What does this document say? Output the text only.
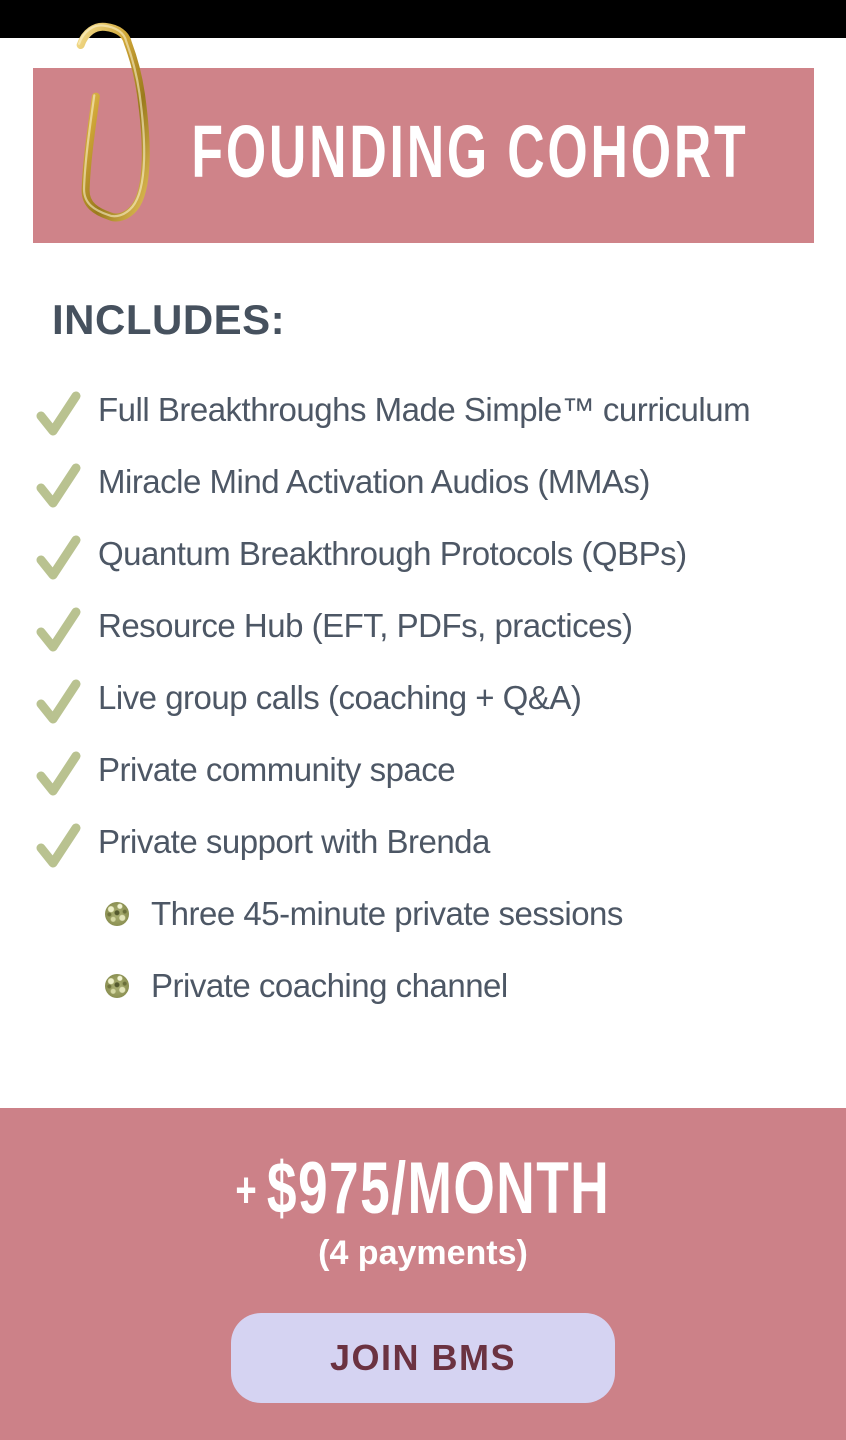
FOUNDING COHORT
INCLUDES:
Full Breakthroughs Made Simple™ curriculum
Miracle Mind Activation Audios (MMAs)
Quantum Breakthrough Protocols (QBPs)
Resource Hub (EFT, PDFs, practices)
Live group calls (coaching + Q&A)
Private community space
Private support with Brenda
Three 45-minute private sessions
Private coaching channel
+ $975/MONTH
(4 payments)
JOIN BMS
